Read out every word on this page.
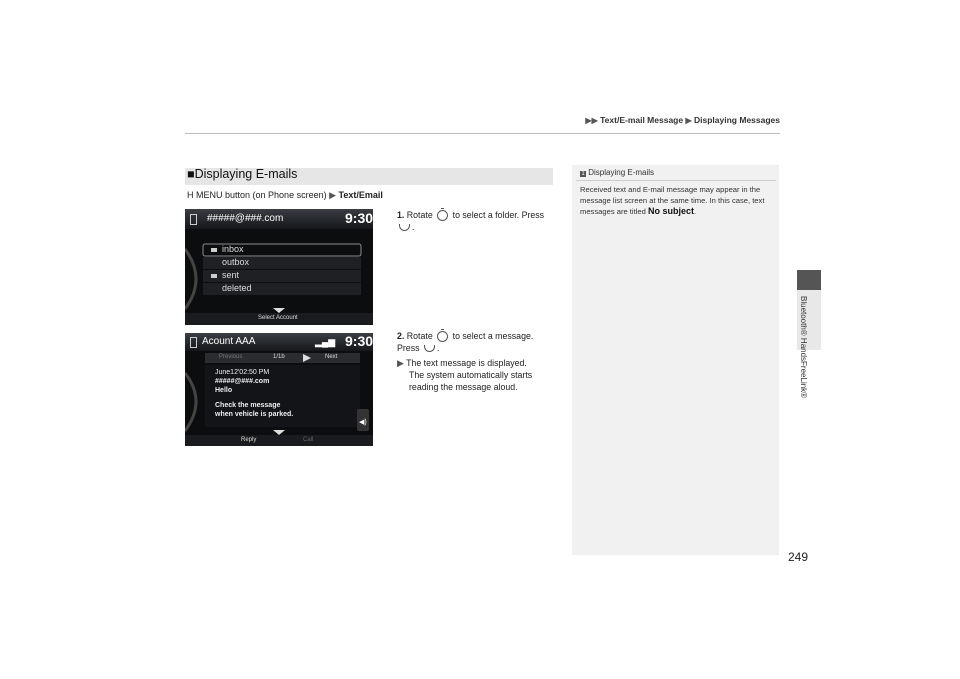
▶▶ Text/E-mail Message ▶ Displaying Messages
■Displaying E-mails
H MENU button (on Phone screen) ▶ Text/Email
#####@###.com	9:30
inbox
outbox
sent
deleted
Select Account
1. Rotate to select a folder. Press
.
Acount AAA	▂▄▆ 9:30
Previous	1/1b	Next
June12'02:50 PM
#####@###.com
Hello
Check the message
when vehicle is parked.
◀)
Reply	Call
2. Rotate to select a message.
Press .
▶ The text message is displayed.
The system automatically starts
reading the message aloud.
1 Displaying E-mails
Received text and E-mail message may appear in the message list screen at the same time. In this case, text messages are titled No subject.
Bluetooth® HandsFreeLink®
249
